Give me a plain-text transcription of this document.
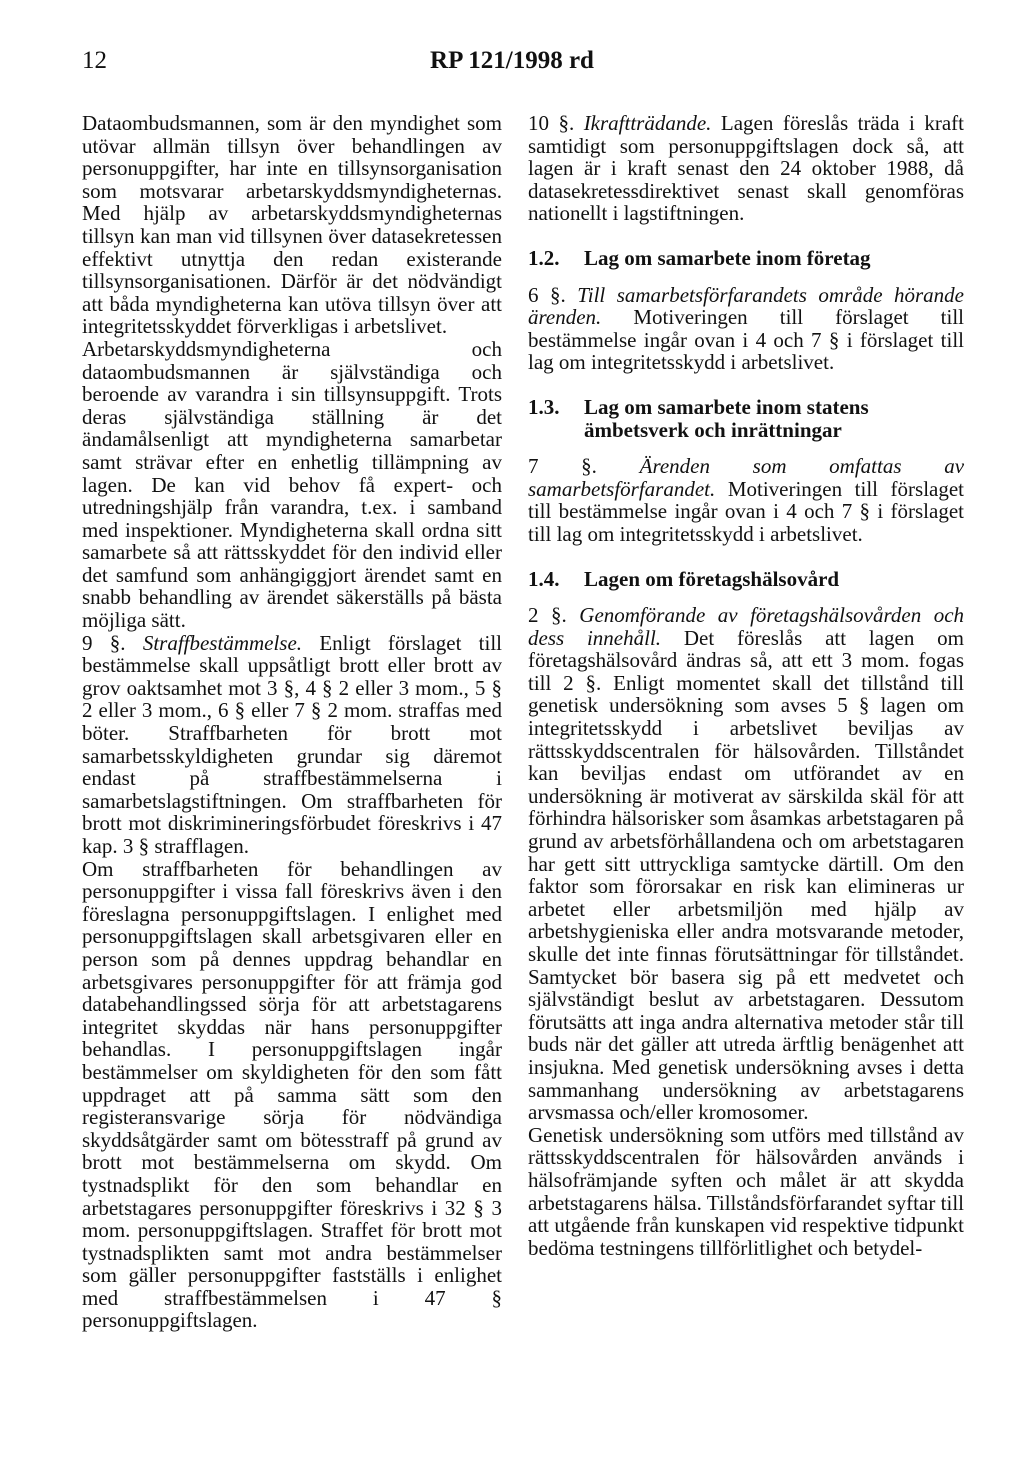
12	RP 121/1998 rd

Dataombudsmannen, som är den myndighet som utövar allmän tillsyn över behandlingen av personuppgifter, har inte en tillsynsorganisation som motsvarar arbetarskyddsmyndigheternas. Med hjälp av arbetarskyddsmyndigheternas tillsyn kan man vid tillsynen över datasekretessen effektivt utnyttja den redan existerande tillsynsorganisationen. Därför är det nödvändigt att båda myndigheterna kan utöva tillsyn över att integritetsskyddet förverkligas i arbetslivet.

Arbetarskyddsmyndigheterna och dataombudsmannen är självständiga och beroende av varandra i sin tillsynsuppgift. Trots deras självständiga ställning är det ändamålsenligt att myndigheterna samarbetar samt strävar efter en enhetlig tillämpning av lagen. De kan vid behov få expert- och utredningshjälp från varandra, t.ex. i samband med inspektioner. Myndigheterna skall ordna sitt samarbete så att rättsskyddet för den individ eller det samfund som anhängiggjort ärendet samt en snabb behandling av ärendet säkerställs på bästa möjliga sätt.

9 §. Straffbestämmelse. Enligt förslaget till bestämmelse skall uppsåtligt brott eller brott av grov oaktsamhet mot 3 §, 4 § 2 eller 3 mom., 5 § 2 eller 3 mom., 6 § eller 7 § 2 mom. straffas med böter. Straffbarheten för brott mot samarbetsskyldigheten grundar sig däremot endast på straffbestämmelserna i samarbetslagstiftningen. Om straffbarheten för brott mot diskrimineringsförbudet föreskrivs i 47 kap. 3 § strafflagen.

Om straffbarheten för behandlingen av personuppgifter i vissa fall föreskrivs även i den föreslagna personuppgiftslagen. I enlighet med personuppgiftslagen skall arbetsgivaren eller en person som på dennes uppdrag behandlar en arbetsgivares personuppgifter för att främja god databehandlingssed sörja för att arbetstagarens integritet skyddas när hans personuppgifter behandlas. I personuppgiftslagen ingår bestämmelser om skyldigheten för den som fått uppdraget att på samma sätt som den registeransvarige sörja för nödvändiga skyddsåtgärder samt om bötesstraff på grund av brott mot bestämmelserna om skydd. Om tystnadsplikt för den som behandlar en arbetstagares personuppgifter föreskrivs i 32 § 3 mom. personuppgiftslagen. Straffet för brott mot tystnadsplikten samt mot andra bestämmelser som gäller personuppgifter fastställs i enlighet med straffbestämmelsen i 47 § personuppgiftslagen.

10 §. Ikraftträdande. Lagen föreslås träda i kraft samtidigt som personuppgiftslagen dock så, att lagen är i kraft senast den 24 oktober 1988, då datasekretessdirektivet senast skall genomföras nationellt i lagstiftningen.

1.2.	Lag om samarbete inom företag

6 §. Till samarbetsförfarandets område hörande ärenden. Motiveringen till förslaget till bestämmelse ingår ovan i 4 och 7 § i förslaget till lag om integritetsskydd i arbetslivet.

1.3.	Lag om samarbete inom statens ämbetsverk och inrättningar

7 §. Ärenden som omfattas av samarbetsförfarandet. Motiveringen till förslaget till bestämmelse ingår ovan i 4 och 7 § i förslaget till lag om integritetsskydd i arbetslivet.

1.4.	Lagen om företagshälsovård

2 §. Genomförande av företagshälsovården och dess innehåll. Det föreslås att lagen om företagshälsovård ändras så, att ett 3 mom. fogas till 2 §. Enligt momentet skall det tillstånd till genetisk undersökning som avses 5 § lagen om integritetsskydd i arbetslivet beviljas av rättsskyddscentralen för hälsovården. Tillståndet kan beviljas endast om utförandet av en undersökning är motiverat av särskilda skäl för att förhindra hälsorisker som åsamkas arbetstagaren på grund av arbetsförhållandena och om arbetstagaren har gett sitt uttryckliga samtycke därtill. Om den faktor som förorsakar en risk kan elimineras ur arbetet eller arbetsmiljön med hjälp av arbetshygieniska eller andra motsvarande metoder, skulle det inte finnas förutsättningar för tillståndet. Samtycket bör basera sig på ett medvetet och självständigt beslut av arbetstagaren. Dessutom förutsätts att inga andra alternativa metoder står till buds när det gäller att utreda ärftlig benägenhet att insjukna. Med genetisk undersökning avses i detta sammanhang undersökning av arbetstagarens arvsmassa och/eller kromosomer.

Genetisk undersökning som utförs med tillstånd av rättsskyddscentralen för hälsovården används i hälsofrämjande syften och målet är att skydda arbetstagarens hälsa. Tillståndsförfarandet syftar till att utgående från kunskapen vid respektive tidpunkt bedöma testningens tillförlitlighet och betydel-
